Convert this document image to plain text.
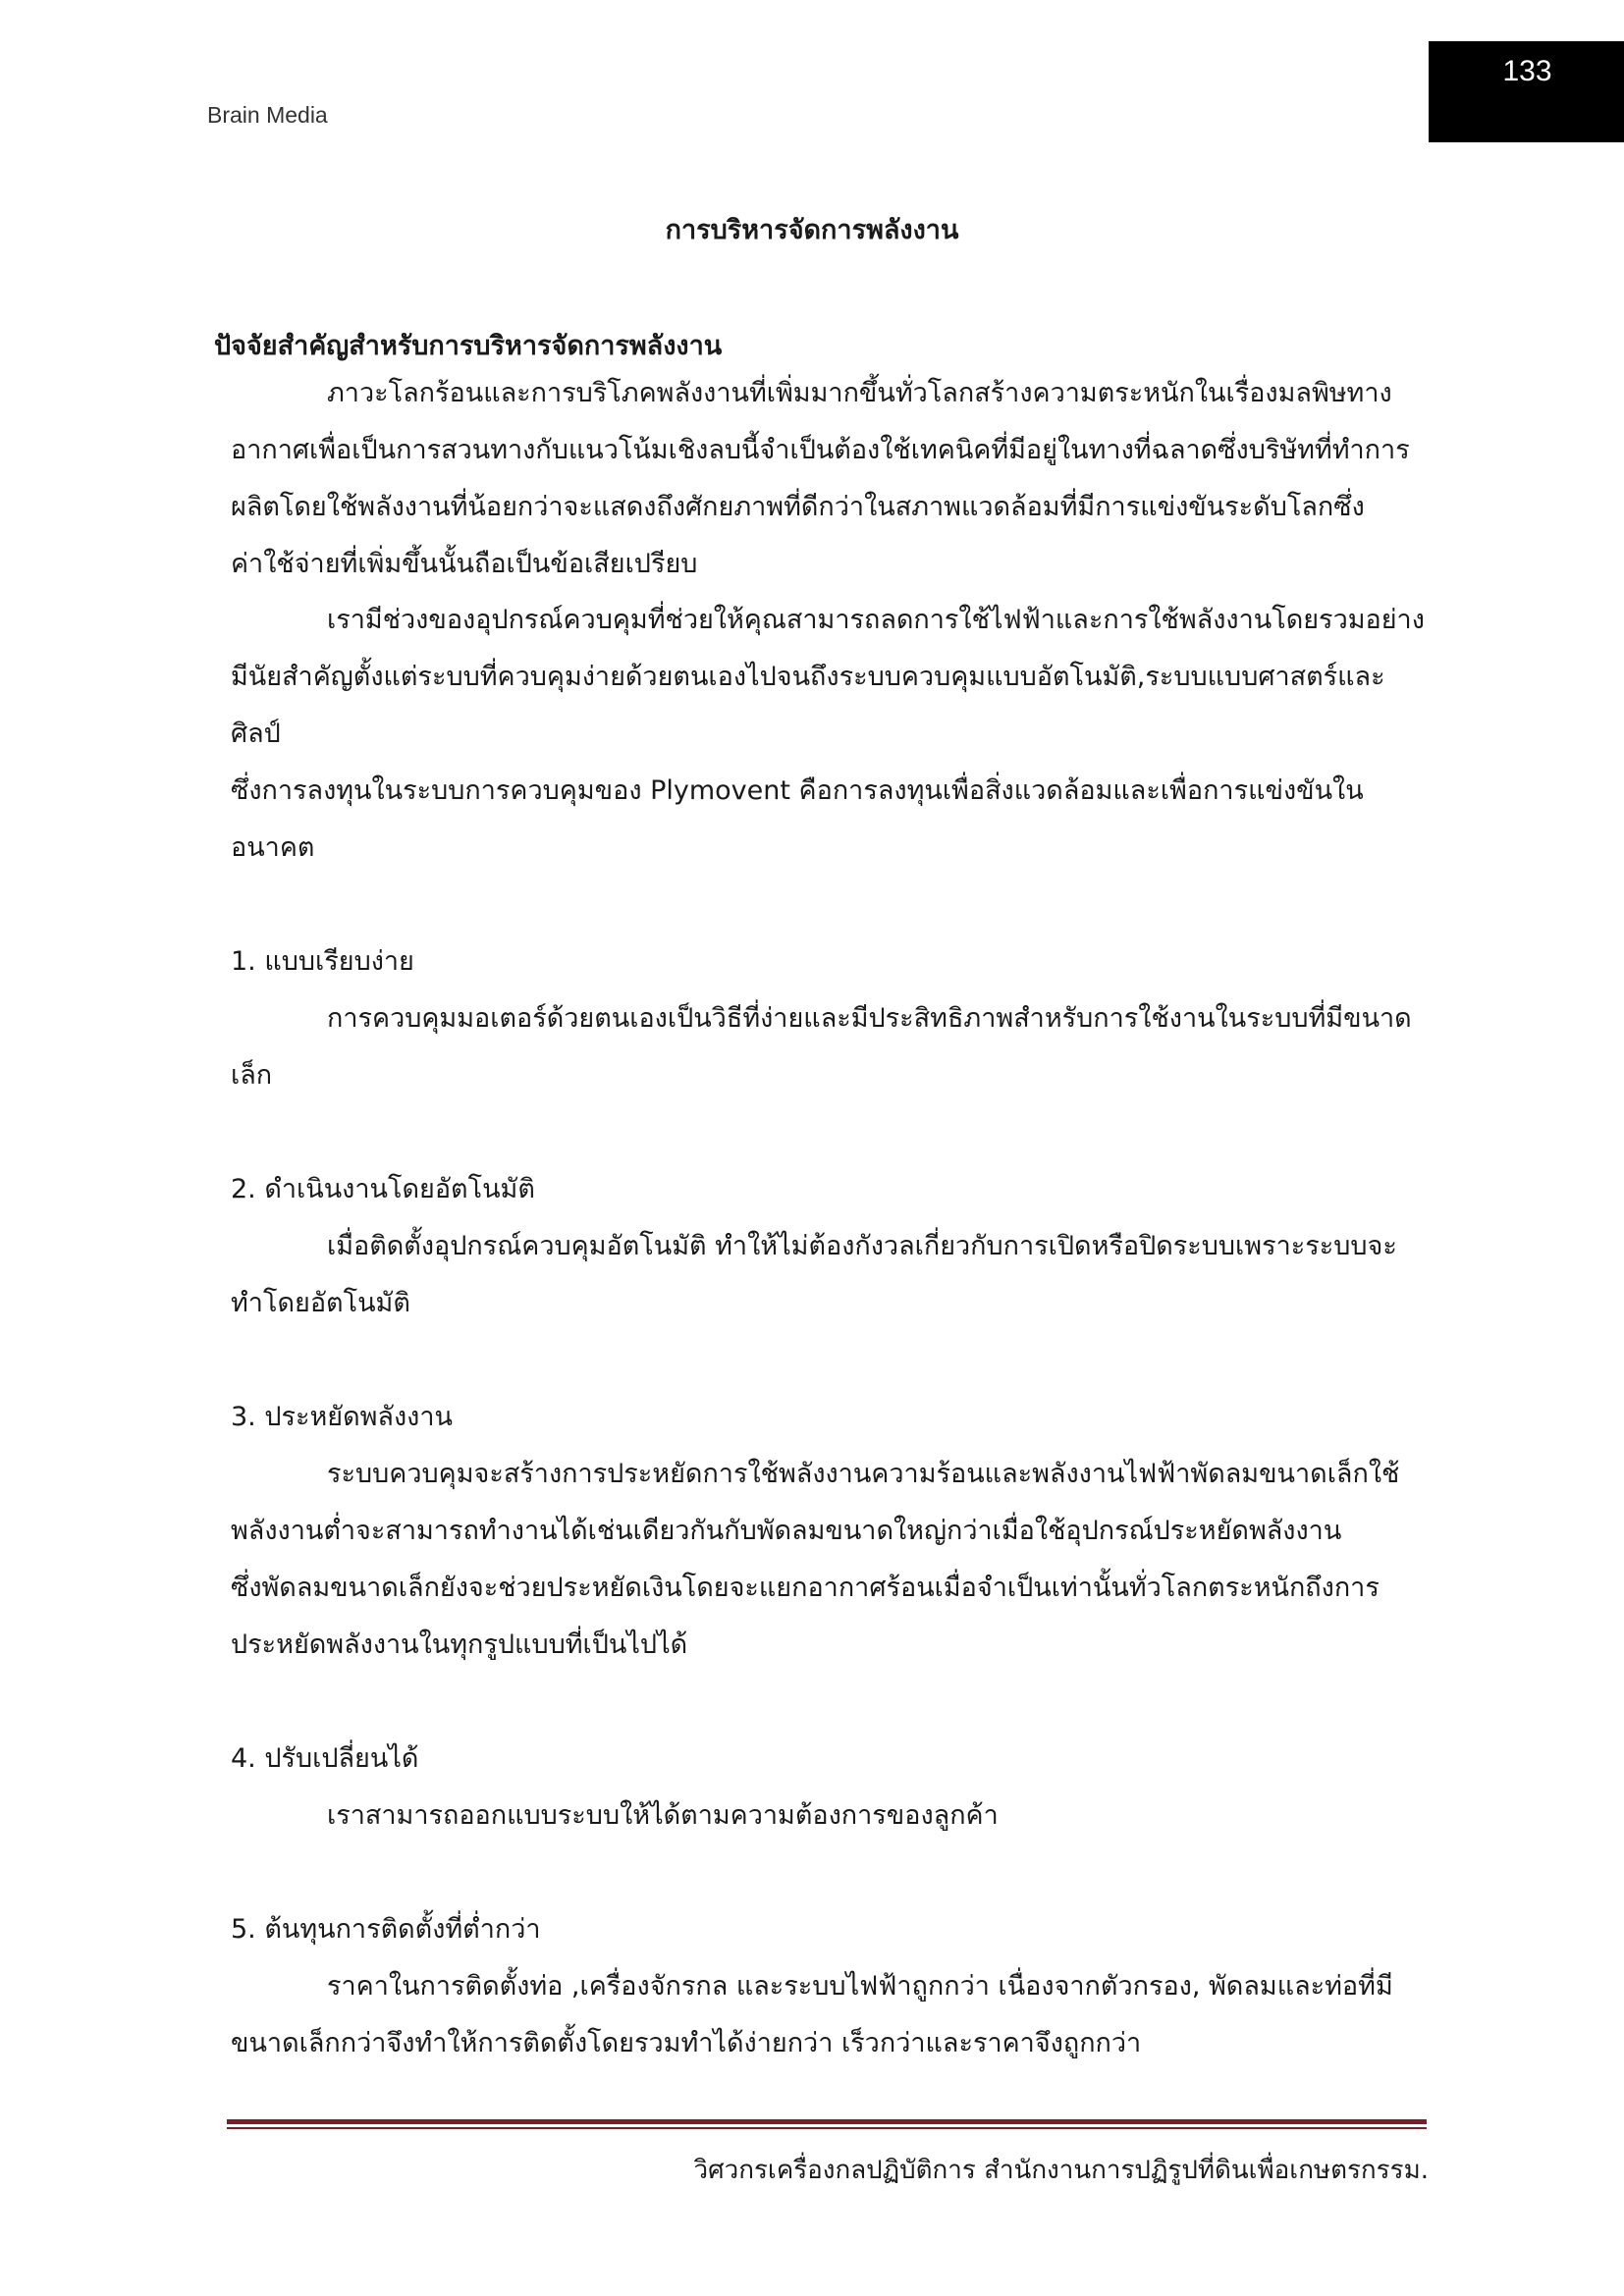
Brain Media
133
การบริหารจัดการพลังงาน
ปัจจัยสำคัญสำหรับการบริหารจัดการพลังงาน
ภาวะโลกร้อนและการบริโภคพลังงานที่เพิ่มมากขึ้นทั่วโลกสร้างความตระหนักในเรื่องมลพิษทาง
อากาศเพื่อเป็นการสวนทางกับแนวโน้มเชิงลบนี้จำเป็นต้องใช้เทคนิคที่มีอยู่ในทางที่ฉลาดซึ่งบริษัทที่ทำการ
ผลิตโดยใช้พลังงานที่น้อยกว่าจะแสดงถึงศักยภาพที่ดีกว่าในสภาพแวดล้อมที่มีการแข่งขันระดับโลกซึ่ง
ค่าใช้จ่ายที่เพิ่มขึ้นนั้นถือเป็นข้อเสียเปรียบ
เรามีช่วงของอุปกรณ์ควบคุมที่ช่วยให้คุณสามารถลดการใช้ไฟฟ้าและการใช้พลังงานโดยรวมอย่าง
มีนัยสำคัญตั้งแต่ระบบที่ควบคุมง่ายด้วยตนเองไปจนถึงระบบควบคุมแบบอัตโนมัติ,ระบบแบบศาสตร์และ
ศิลป์
ซึ่งการลงทุนในระบบการควบคุมของ Plymovent คือการลงทุนเพื่อสิ่งแวดล้อมและเพื่อการแข่งขันใน
อนาคต
1. แบบเรียบง่าย
การควบคุมมอเตอร์ด้วยตนเองเป็นวิธีที่ง่ายและมีประสิทธิภาพสำหรับการใช้งานในระบบที่มีขนาด
เล็ก
2. ดำเนินงานโดยอัตโนมัติ
เมื่อติดตั้งอุปกรณ์ควบคุมอัตโนมัติ ทำให้ไม่ต้องกังวลเกี่ยวกับการเปิดหรือปิดระบบเพราะระบบจะ
ทำโดยอัตโนมัติ
3. ประหยัดพลังงาน
ระบบควบคุมจะสร้างการประหยัดการใช้พลังงานความร้อนและพลังงานไฟฟ้าพัดลมขนาดเล็กใช้
พลังงานต่ำจะสามารถทำงานได้เช่นเดียวกันกับพัดลมขนาดใหญ่กว่าเมื่อใช้อุปกรณ์ประหยัดพลังงาน
ซึ่งพัดลมขนาดเล็กยังจะช่วยประหยัดเงินโดยจะแยกอากาศร้อนเมื่อจำเป็นเท่านั้นทั่วโลกตระหนักถึงการ
ประหยัดพลังงานในทุกรูปแบบที่เป็นไปได้
4. ปรับเปลี่ยนได้
เราสามารถออกแบบระบบให้ได้ตามความต้องการของลูกค้า
5. ต้นทุนการติดตั้งที่ต่ำกว่า
ราคาในการติดตั้งท่อ ,เครื่องจักรกล และระบบไฟฟ้าถูกกว่า เนื่องจากตัวกรอง, พัดลมและท่อที่มี
ขนาดเล็กกว่าจึงทำให้การติดตั้งโดยรวมทำได้ง่ายกว่า เร็วกว่าและราคาจึงถูกกว่า
วิศวกรเครื่องกลปฏิบัติการ สำนักงานการปฏิรูปที่ดินเพื่อเกษตรกรรม.
